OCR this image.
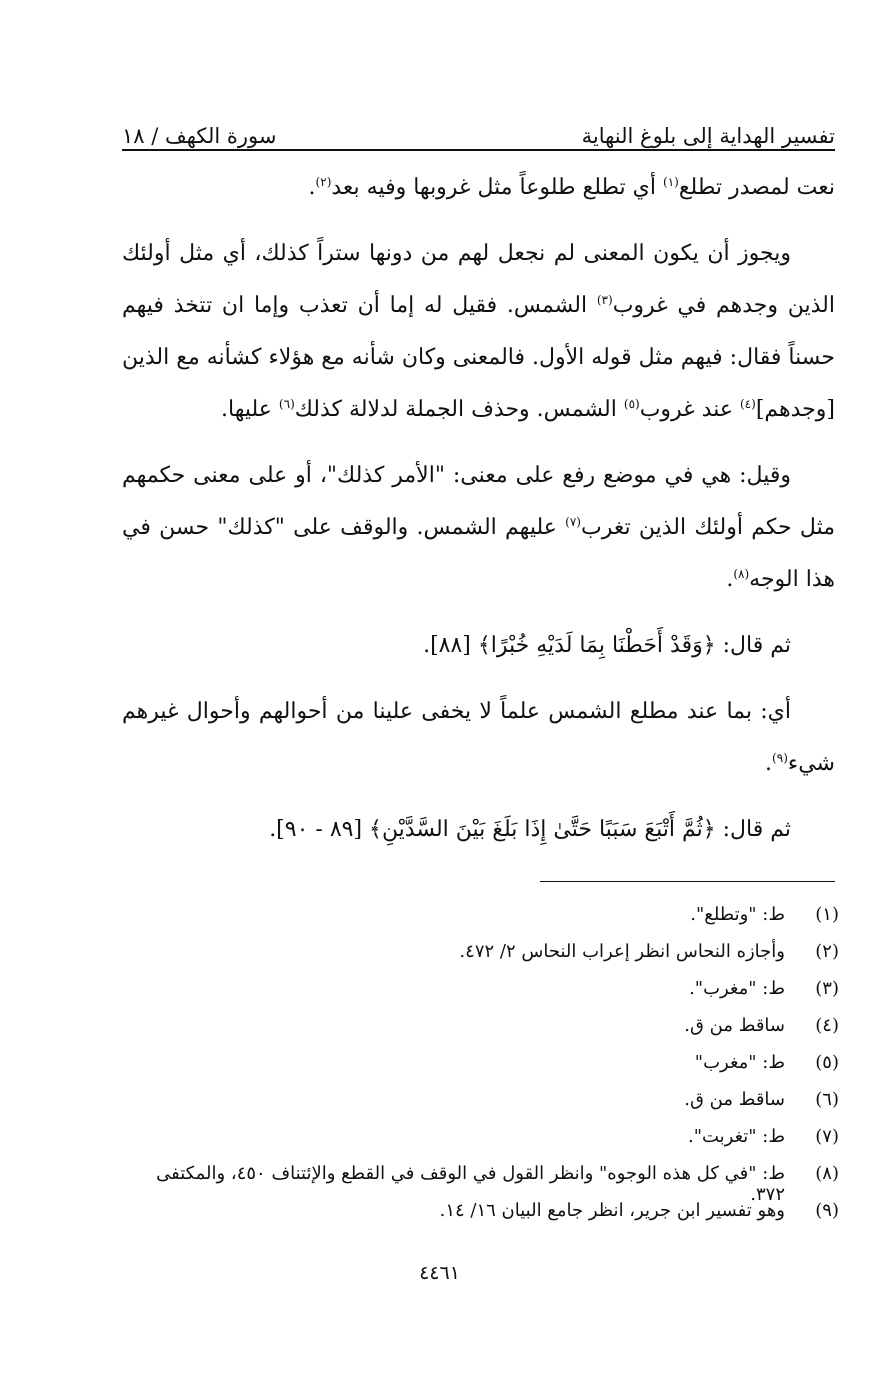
تفسير الهداية إلى بلوغ النهاية
سورة الكهف / ١٨

نعت لمصدر تطلع$^{(١)}$ أي تطلع طلوعاً مثل غروبها وفيه بعد$^{(٢)}$.

ويجوز أن يكون المعنى لم نجعل لهم من دونها ستراً كذلك، أي مثل أولئك الذين وجدهم في غروب$^{(٣)}$ الشمس. فقيل له إما أن تعذب وإما ان تتخذ فيهم حسناً فقال: فيهم مثل قوله الأول. فالمعنى وكان شأنه مع هؤلاء كشأنه مع الذين [وجدهم]$^{(٤)}$ عند غروب$^{(٥)}$ الشمس. وحذف الجملة لدلالة كذلك$^{(٦)}$ عليها.

وقيل: هي في موضع رفع على معنى: "الأمر كذلك"، أو على معنى حكمهم مثل حكم أولئك الذين تغرب$^{(٧)}$ عليهم الشمس. والوقف على "كذلك" حسن في هذا الوجه$^{(٨)}$.

ثم قال: ﴿وَقَدْ أَحَطْنَا بِمَا لَدَيْهِ خُبْرًا﴾ [٨٨].

أي: بما عند مطلع الشمس علماً لا يخفى علينا من أحوالهم وأحوال غيرهم شيء$^{(٩)}$.

ثم قال: ﴿ثُمَّ أَتْبَعَ سَبَبًا حَتَّىٰ إِذَا بَلَغَ بَيْنَ السَّدَّيْنِ﴾ [٨٩ - ٩٠].

(١)
ط: "وتطلع".
(٢)
وأجازه النحاس انظر إعراب النحاس ٢/ ٤٧٢.
(٣)
ط: "مغرب".
(٤)
ساقط من ق.
(٥)
ط: "مغرب"
(٦)
ساقط من ق.
(٧)
ط: "تغربت".
(٨)
ط: "في كل هذه الوجوه" وانظر القول في الوقف في القطع والإئتناف ٤٥٠، والمكتفى ٣٧٢.
(٩)
وهو تفسير ابن جرير، انظر جامع البيان ١٦/ ١٤.
٤٤٦١
